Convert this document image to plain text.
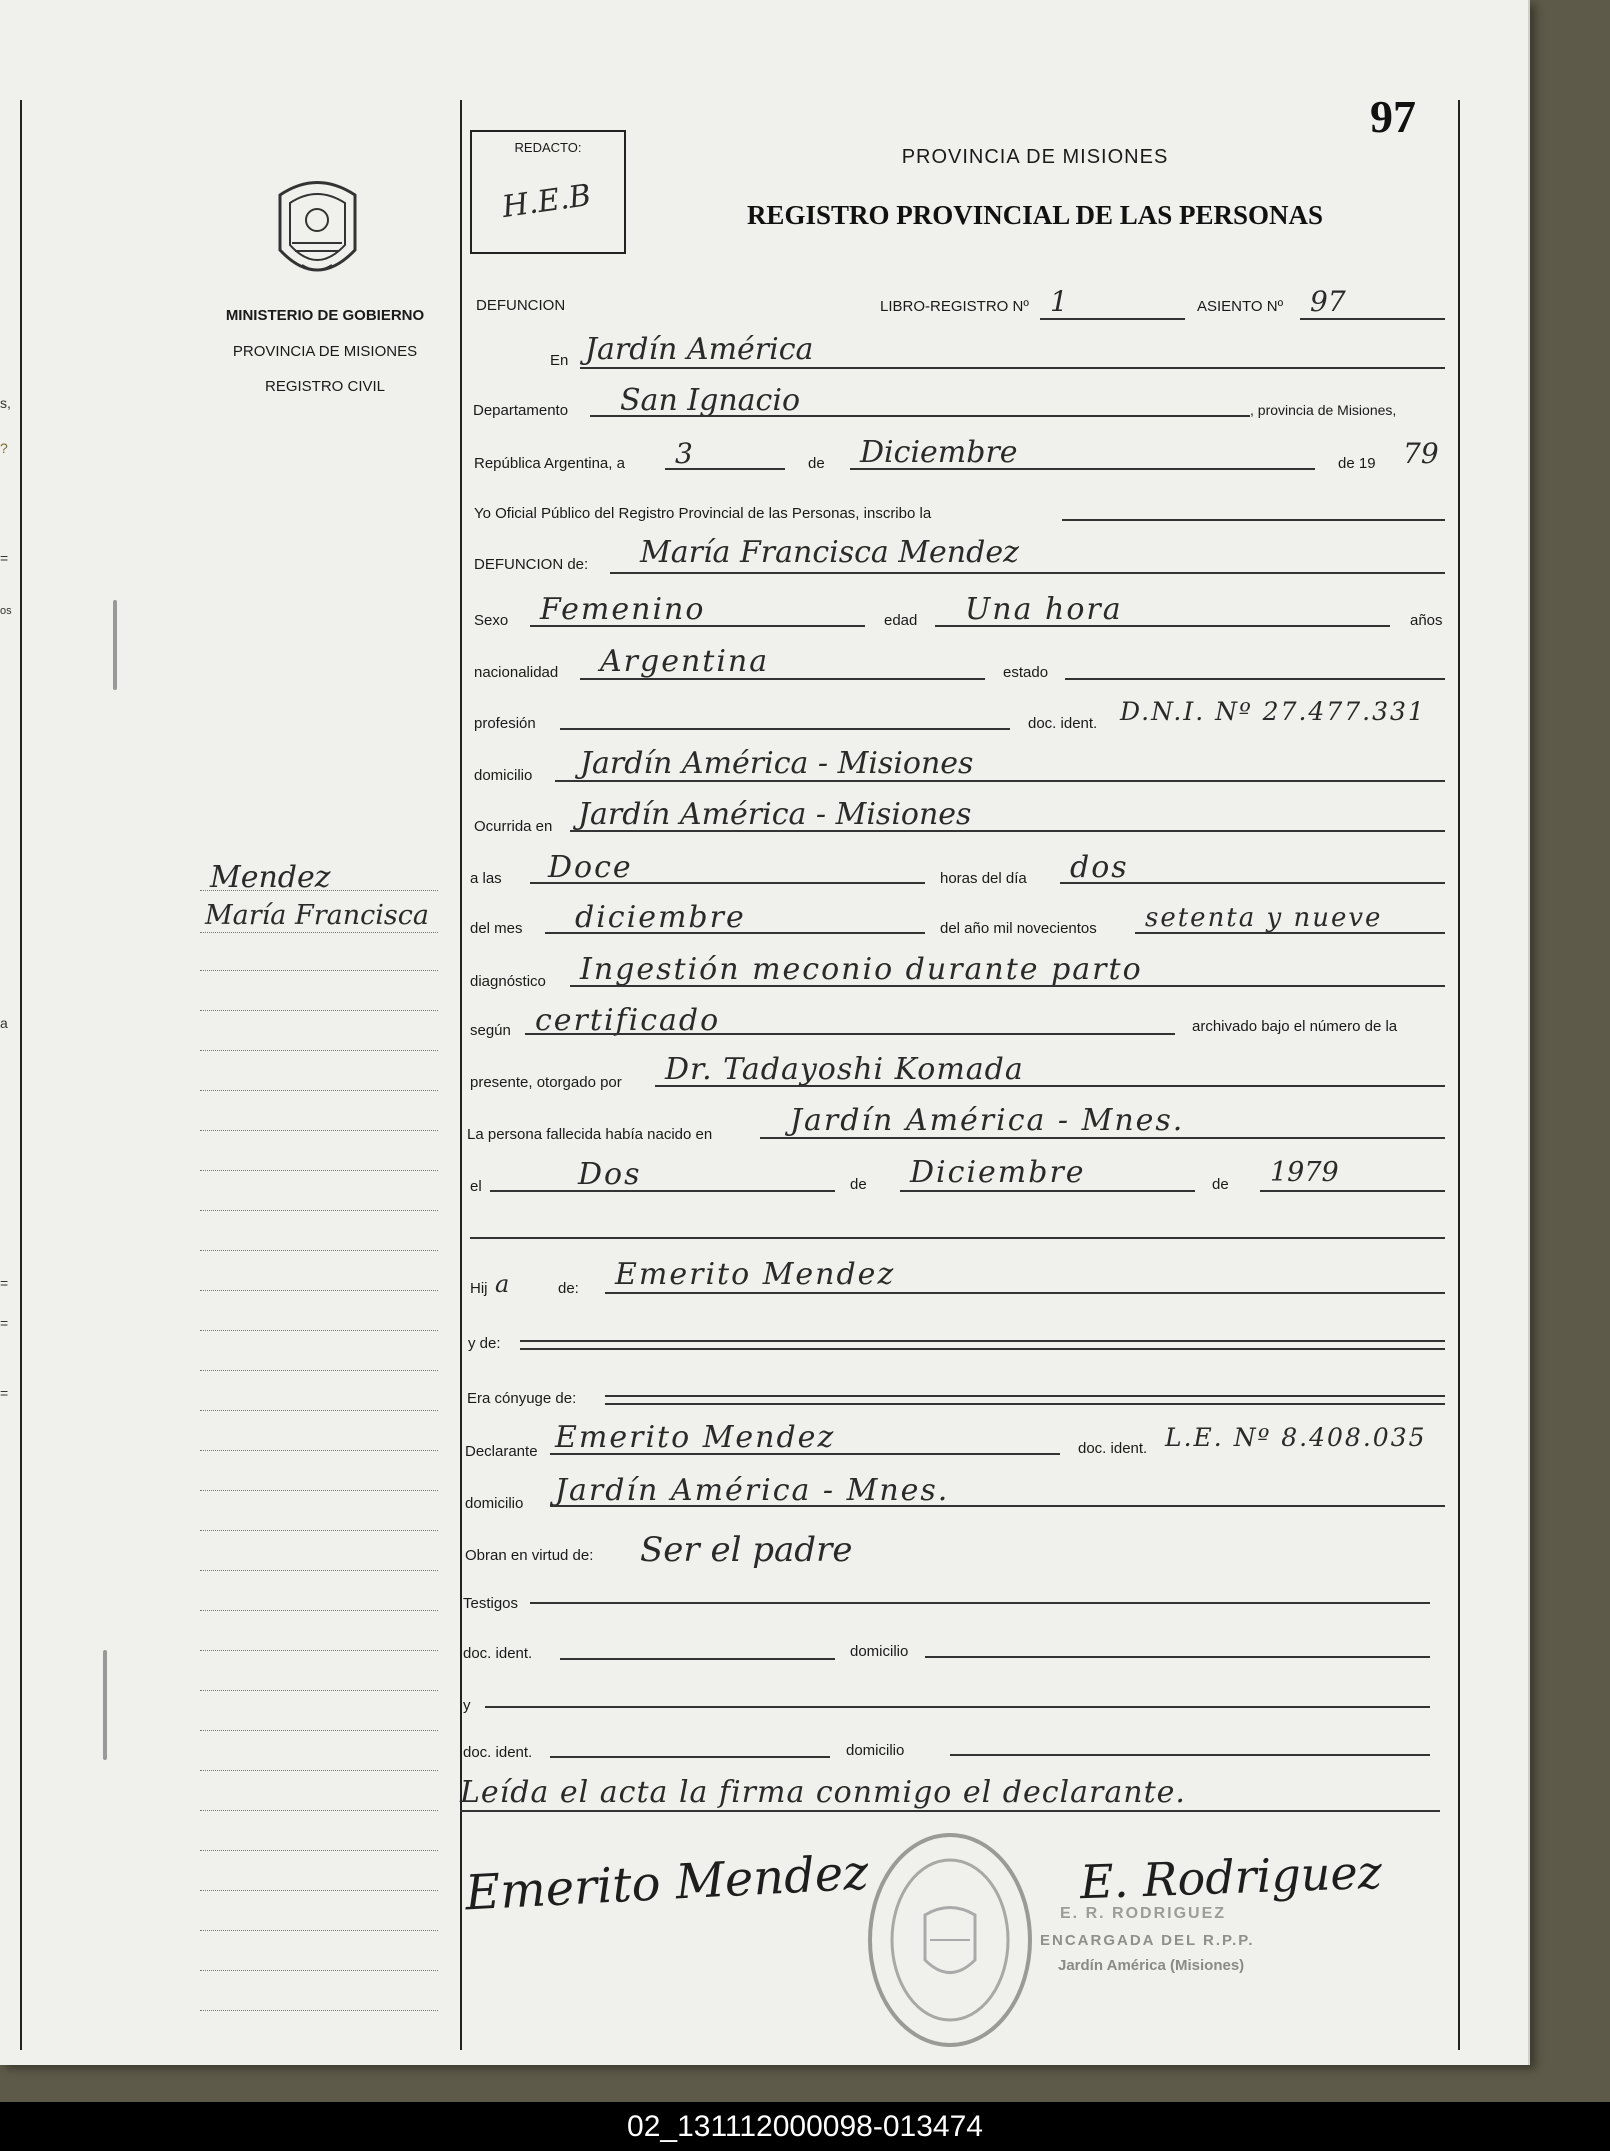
s,
?
=
os
a
=
=
=
MINISTERIO DE GOBIERNO
PROVINCIA DE MISIONES
REGISTRO CIVIL
Mendez
María Francisca
97
REDACTO:
H.E.B
PROVINCIA DE MISIONES
REGISTRO PROVINCIAL DE LAS PERSONAS
DEFUNCION	LIBRO-REGISTRO Nº 1	ASIENTO Nº 97
En Jardín América
Departamento San Ignacio	, provincia de Misiones,
República Argentina, a 3	de Diciembre	de 19 79
Yo Oficial Público del Registro Provincial de las Personas, inscribo la
DEFUNCION de: María Francisca Mendez
Sexo Femenino	edad Una hora	años
nacionalidad Argentina	estado
profesión	doc. ident. D.N.I. Nº 27.477.331
domicilio Jardín América - Misiones
Ocurrida en Jardín América - Misiones
a las Doce	horas del día dos
del mes diciembre	del año mil novecientos setenta y nueve
diagnóstico Ingestión meconio durante parto
según certificado	archivado bajo el número de la
presente, otorgado por Dr. Tadayoshi Komada
La persona fallecida había nacido en	Jardín América - Mnes.
el	Dos	de Diciembre	de 1979
Hij a	de: Emerito Mendez
y de:
Era cónyuge de:
Declarante Emerito Mendez	doc. ident. L.E. Nº 8.408.035
domicilio Jardín América - Mnes.
Obran en virtud de: Ser el padre
Testigos
doc. ident.	domicilio
y
doc. ident.	domicilio
Leída el acta la firma conmigo el declarante.
Emerito Mendez	E. Rodriguez
E. R. RODRIGUEZ
ENCARGADA DEL R.P.P.
Jardín América (Misiones)
02_131112000098-013474
